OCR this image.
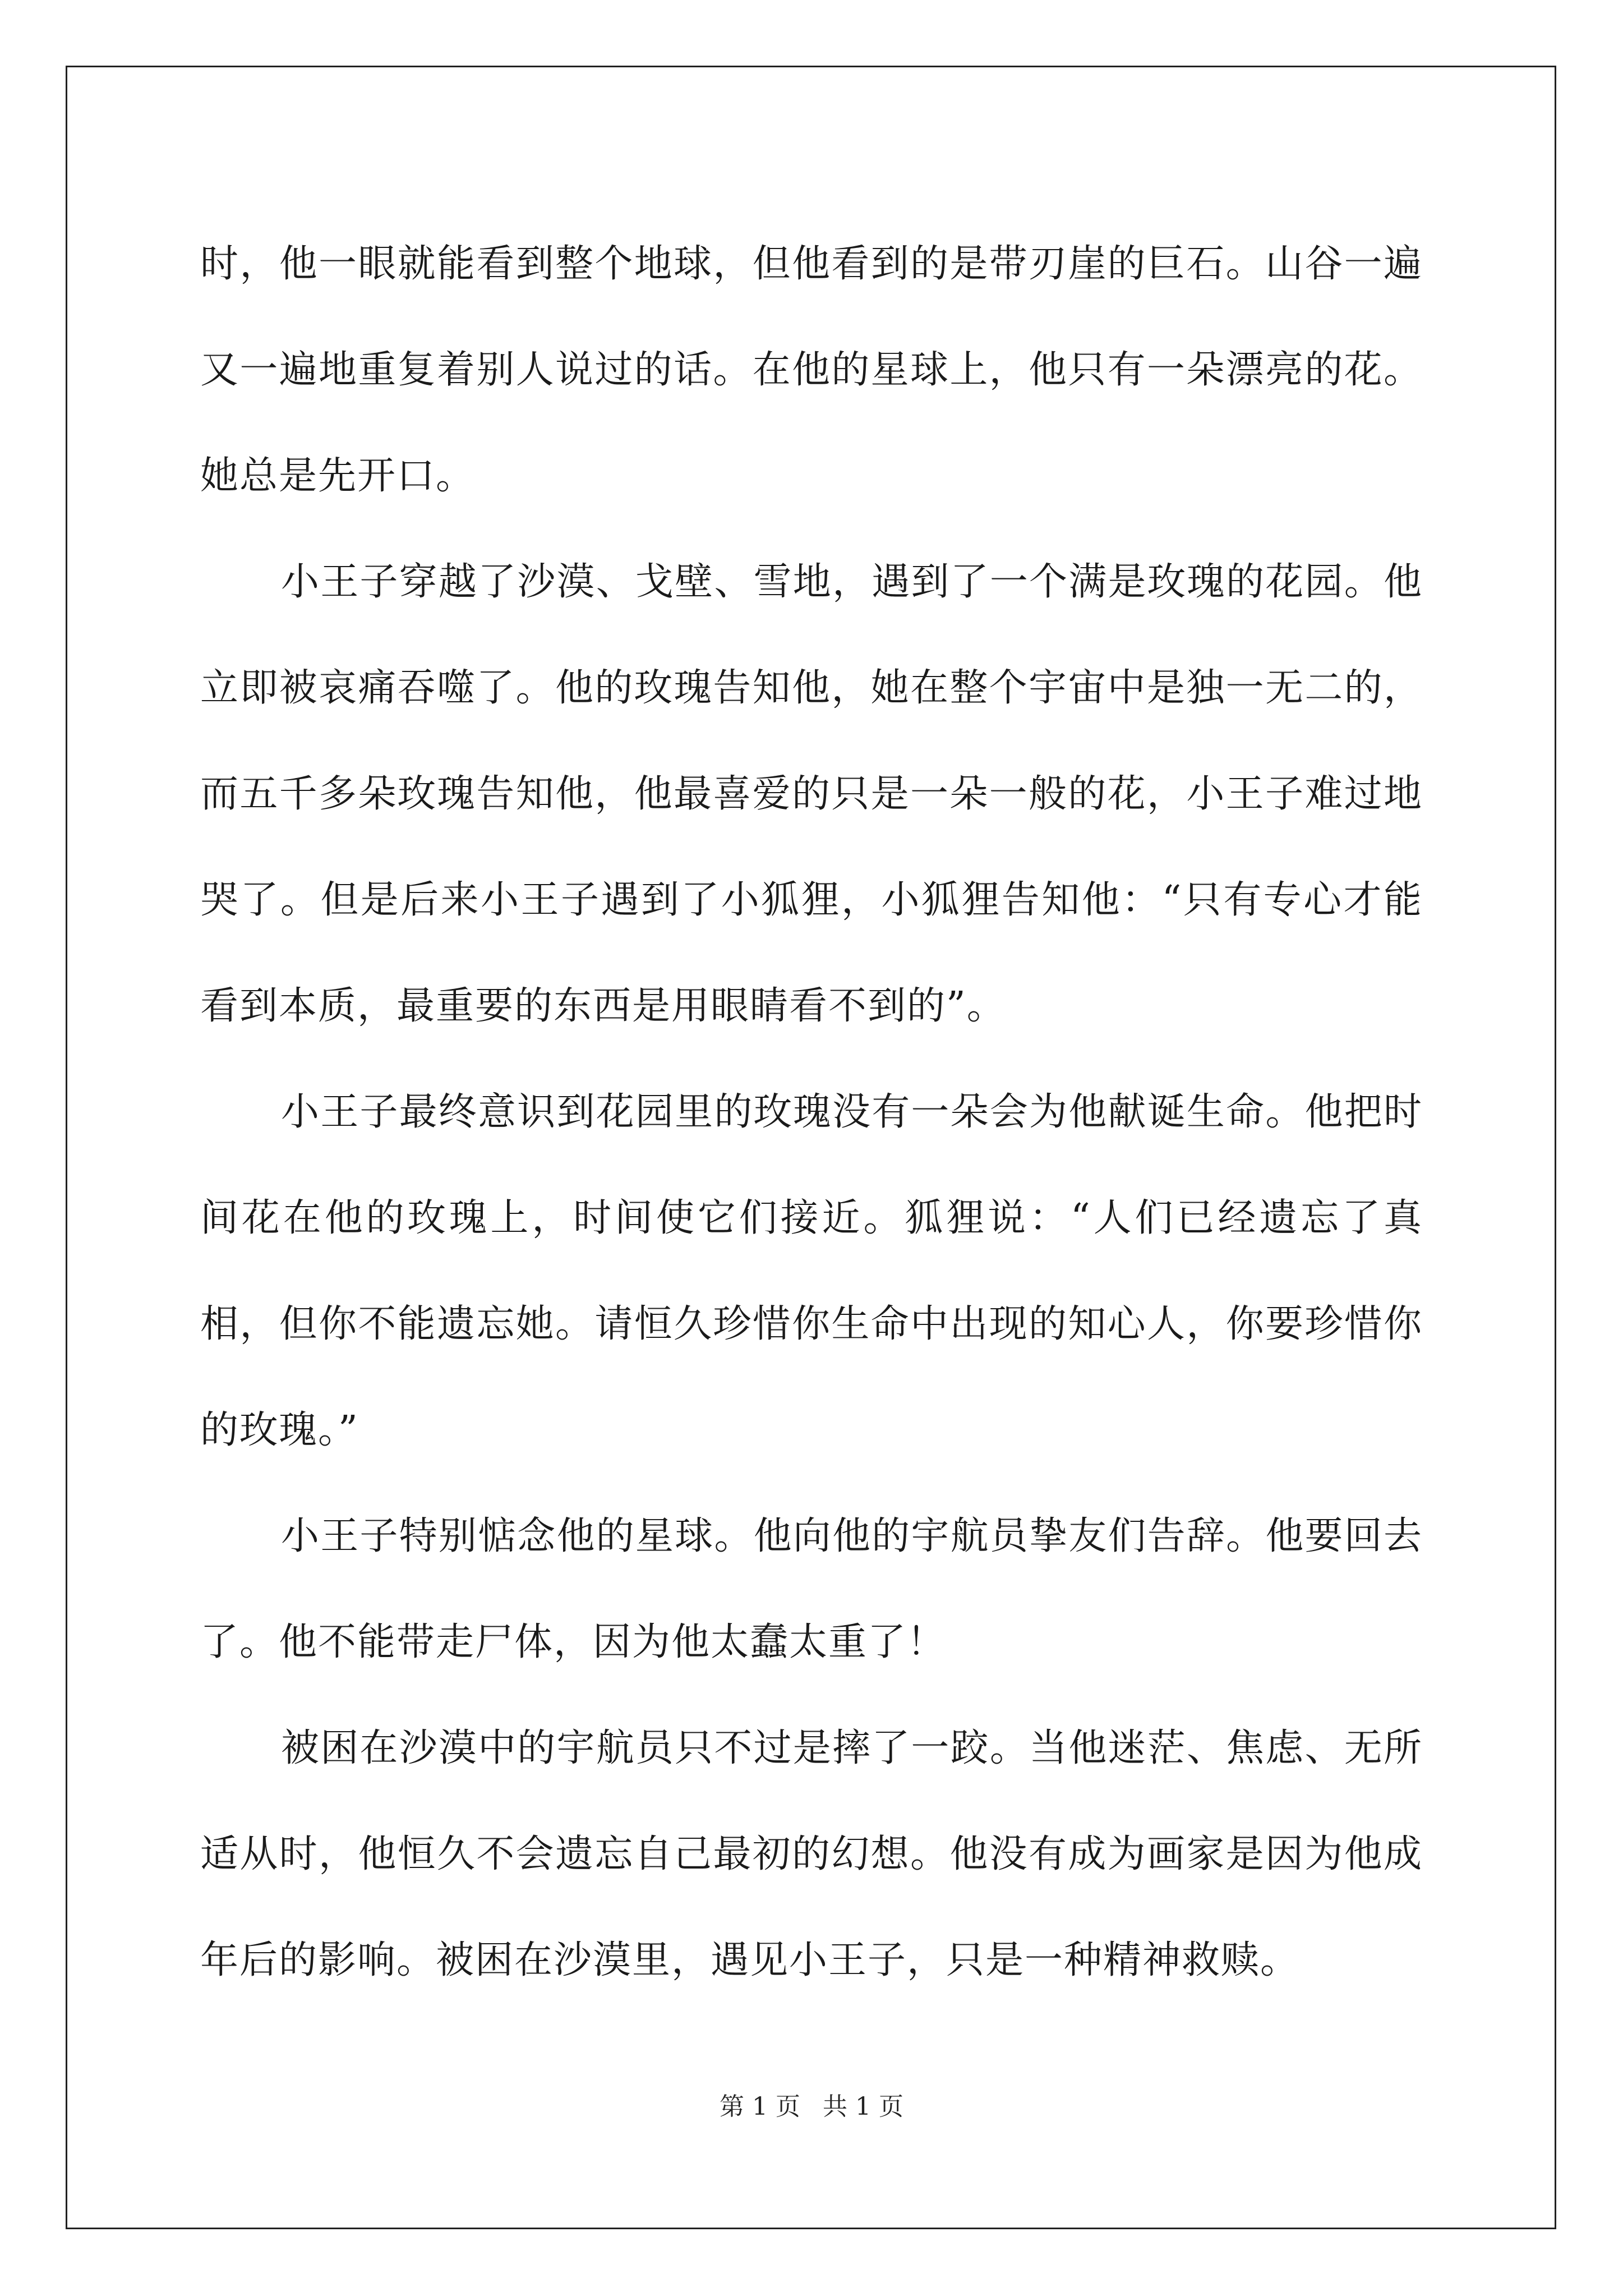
时，他一眼就能看到整个地球，但他看到的是带刃崖的巨石。山谷一遍又一遍地重复着别人说过的话。在他的星球上，他只有一朵漂亮的花。她总是先开口。

小王子穿越了沙漠、戈壁、雪地，遇到了一个满是玫瑰的花园。他立即被哀痛吞噬了。他的玫瑰告知他，她在整个宇宙中是独一无二的，而五千多朵玫瑰告知他，他最喜爱的只是一朵一般的花，小王子难过地哭了。但是后来小王子遇到了小狐狸，小狐狸告知他：“只有专心才能看到本质，最重要的东西是用眼睛看不到的”。

小王子最终意识到花园里的玫瑰没有一朵会为他献诞生命。他把时间花在他的玫瑰上，时间使它们接近。狐狸说：“人们已经遗忘了真相，但你不能遗忘她。请恒久珍惜你生命中出现的知心人，你要珍惜你的玫瑰。”

小王子特别惦念他的星球。他向他的宇航员挚友们告辞。他要回去了。他不能带走尸体，因为他太蠢太重了！

被困在沙漠中的宇航员只不过是摔了一跤。当他迷茫、焦虑、无所适从时，他恒久不会遗忘自己最初的幻想。他没有成为画家是因为他成年后的影响。被困在沙漠里，遇见小王子，只是一种精神救赎。

第 1 页 共 1 页
